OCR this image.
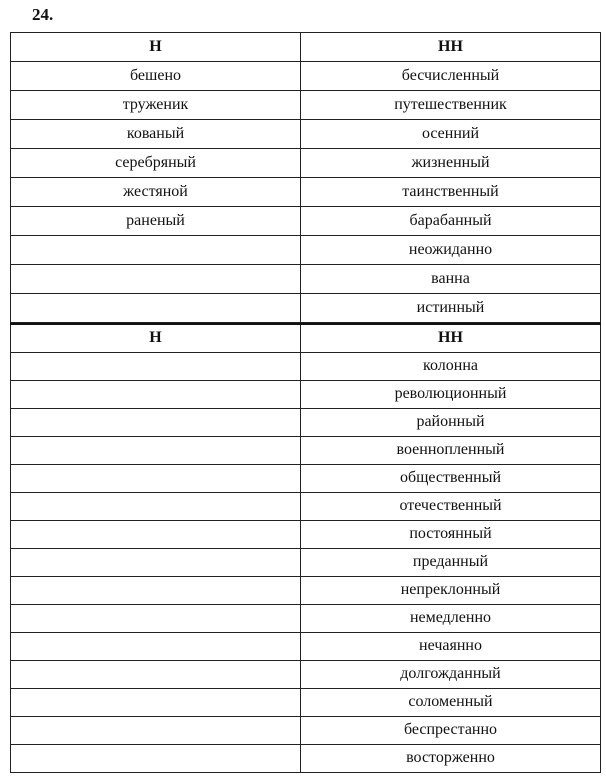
24.
Н	НН
бешено	бесчисленный
труженик	путешественник
кованый	осенний
серебряный	жизненный
жестяной	таинственный
раненый	барабанный
	неожиданно
	ванна
	истинный
Н	НН
	колонна
	революционный
	районный
	военнопленный
	общественный
	отечественный
	постоянный
	преданный
	непреклонный
	немедленно
	нечаянно
	долгожданный
	соломенный
	беспрестанно
	восторженно
